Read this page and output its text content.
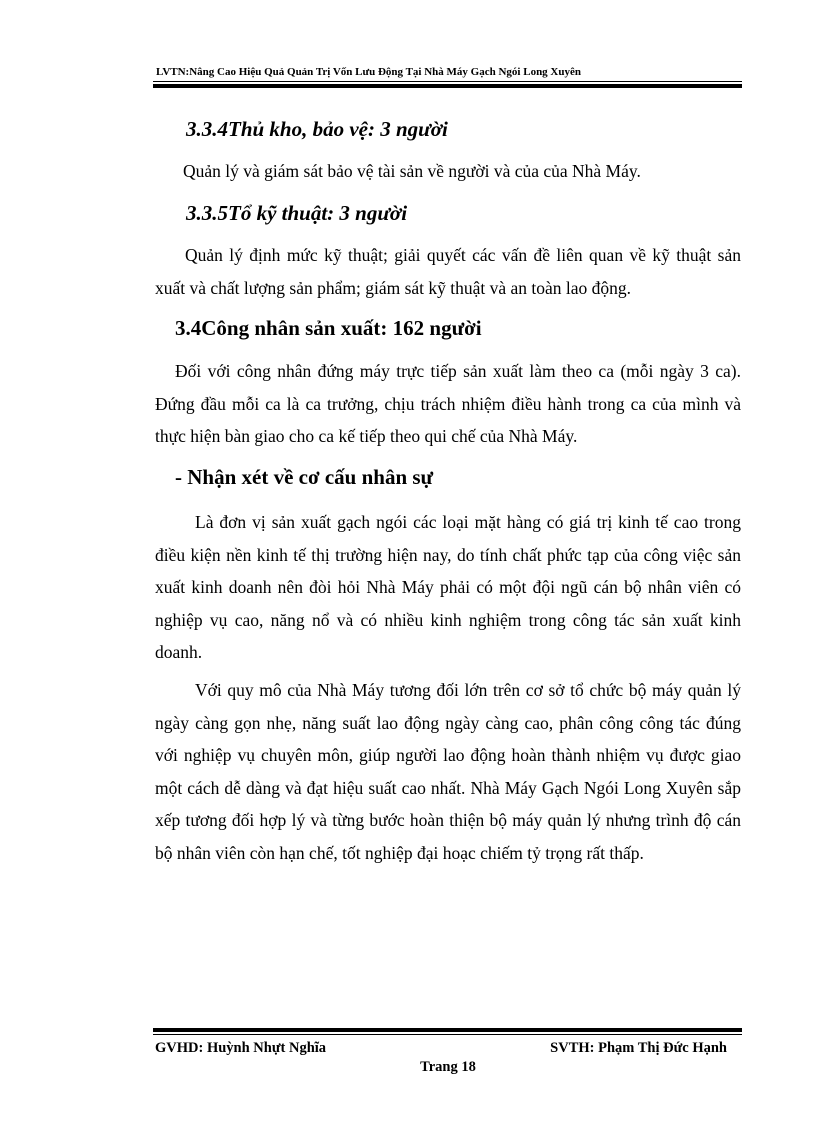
LVTN:Nâng Cao Hiệu Quả Quản Trị Vốn Lưu Động Tại Nhà Máy Gạch Ngói Long Xuyên
3.3.4Thủ kho, bảo vệ: 3 người
Quản lý và giám sát bảo vệ tài sản về người và của của Nhà Máy.
3.3.5Tổ kỹ thuật: 3 người
Quản lý định mức kỹ thuật; giải quyết các vấn đề liên quan về kỹ thuật sản xuất và chất lượng sản phẩm; giám sát kỹ thuật và an toàn lao động.
3.4Công nhân sản xuất: 162 người
Đối với công nhân đứng máy trực tiếp sản xuất làm theo ca (mỗi ngày 3 ca). Đứng đầu mỗi ca là ca trưởng, chịu trách nhiệm điều hành trong ca của mình và thực hiện bàn giao cho ca kế tiếp theo qui chế của Nhà Máy.
- Nhận xét về cơ cấu nhân sự
Là đơn vị sản xuất gạch ngói các loại mặt hàng có giá trị kinh tế cao trong điều kiện nền kinh tế thị trường hiện nay, do tính chất phức tạp của công việc sản xuất kinh doanh nên đòi hỏi Nhà Máy phải có một đội ngũ cán bộ nhân viên có nghiệp vụ cao, năng nổ và có nhiều kinh nghiệm trong công tác sản xuất kinh doanh.
Với quy mô của Nhà Máy tương đối lớn trên cơ sở tổ chức bộ máy quản lý ngày càng gọn nhẹ, năng suất lao động ngày càng cao, phân công công tác đúng với nghiệp vụ chuyên môn, giúp người lao động hoàn thành nhiệm vụ được giao một cách dễ dàng và đạt hiệu suất cao nhất. Nhà Máy Gạch Ngói Long Xuyên sắp xếp tương đối hợp lý và từng bước hoàn thiện bộ máy quản lý nhưng trình độ cán bộ nhân viên còn hạn chế, tốt nghiệp đại hoạc chiếm tỷ trọng rất thấp.
GVHD: Huỳnh Nhựt Nghĩa	SVTH: Phạm Thị Đức Hạnh
Trang 18
